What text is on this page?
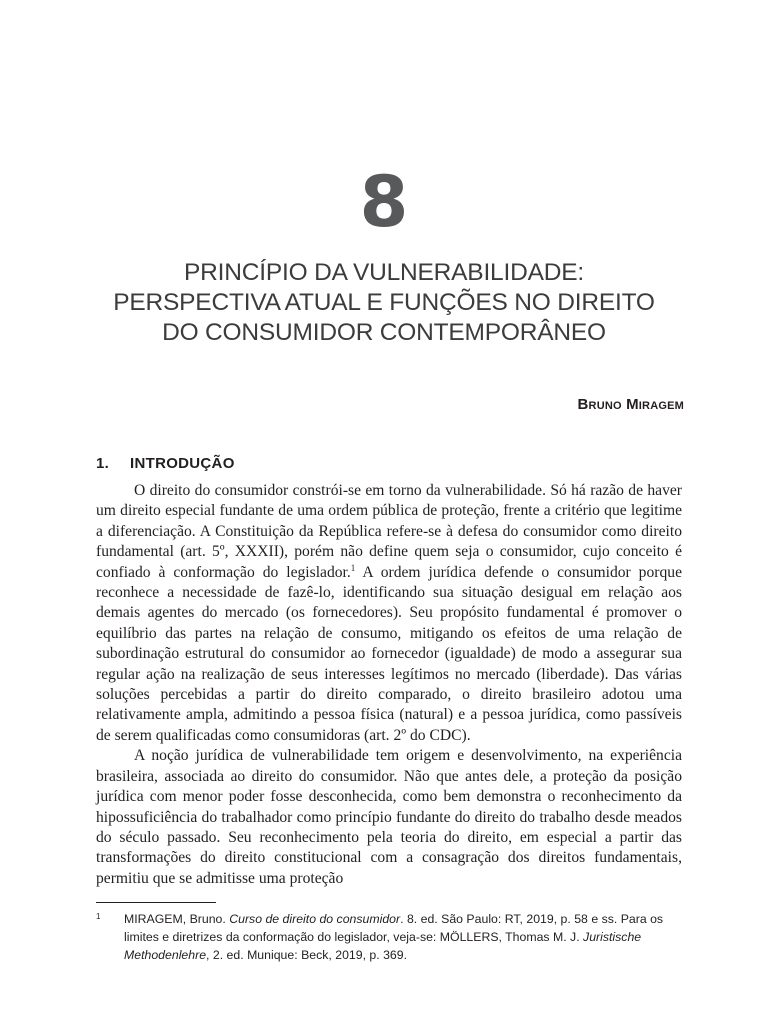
8
PRINCÍPIO DA VULNERABILIDADE:
PERSPECTIVA ATUAL E FUNÇÕES NO DIREITO
DO CONSUMIDOR CONTEMPORÂNEO
Bruno Miragem
1. INTRODUÇÃO

O direito do consumidor constrói-se em torno da vulnerabilidade. Só há razão de haver um direito especial fundante de uma ordem pública de proteção, frente a critério que legitime a diferenciação. A Constituição da República refere-se à defesa do consumidor como direito fundamental (art. 5º, XXXII), porém não define quem seja o consumidor, cujo conceito é confiado à conformação do legislador.$^1$ A ordem jurídica defende o consumidor porque reconhece a necessidade de fazê-lo, identificando sua situação desigual em relação aos demais agentes do mercado (os fornecedores). Seu propósito fundamental é promover o equilíbrio das partes na relação de consumo, mitigando os efeitos de uma relação de subordinação estrutural do consumidor ao fornecedor (igualdade) de modo a assegurar sua regular ação na realização de seus interesses legítimos no mercado (liberdade). Das várias soluções percebidas a partir do direito comparado, o direito brasileiro adotou uma relativamente ampla, admitindo a pessoa física (natural) e a pessoa jurídica, como passíveis de serem qualificadas como consumidoras (art. 2º do CDC).

A noção jurídica de vulnerabilidade tem origem e desenvolvimento, na experiência brasileira, associada ao direito do consumidor. Não que antes dele, a proteção da posição jurídica com menor poder fosse desconhecida, como bem demonstra o reconhecimento da hipossuficiência do trabalhador como princípio fundante do direito do trabalho desde meados do século passado. Seu reconhecimento pela teoria do direito, em especial a partir das transformações do direito constitucional com a consagração dos direitos fundamentais, permitiu que se admitisse uma proteção

1 MIRAGEM, Bruno. Curso de direito do consumidor. 8. ed. São Paulo: RT, 2019, p. 58 e ss. Para os limites e diretrizes da conformação do legislador, veja-se: MÖLLERS, Thomas M. J. Juristische Methodenlehre, 2. ed. Munique: Beck, 2019, p. 369.
